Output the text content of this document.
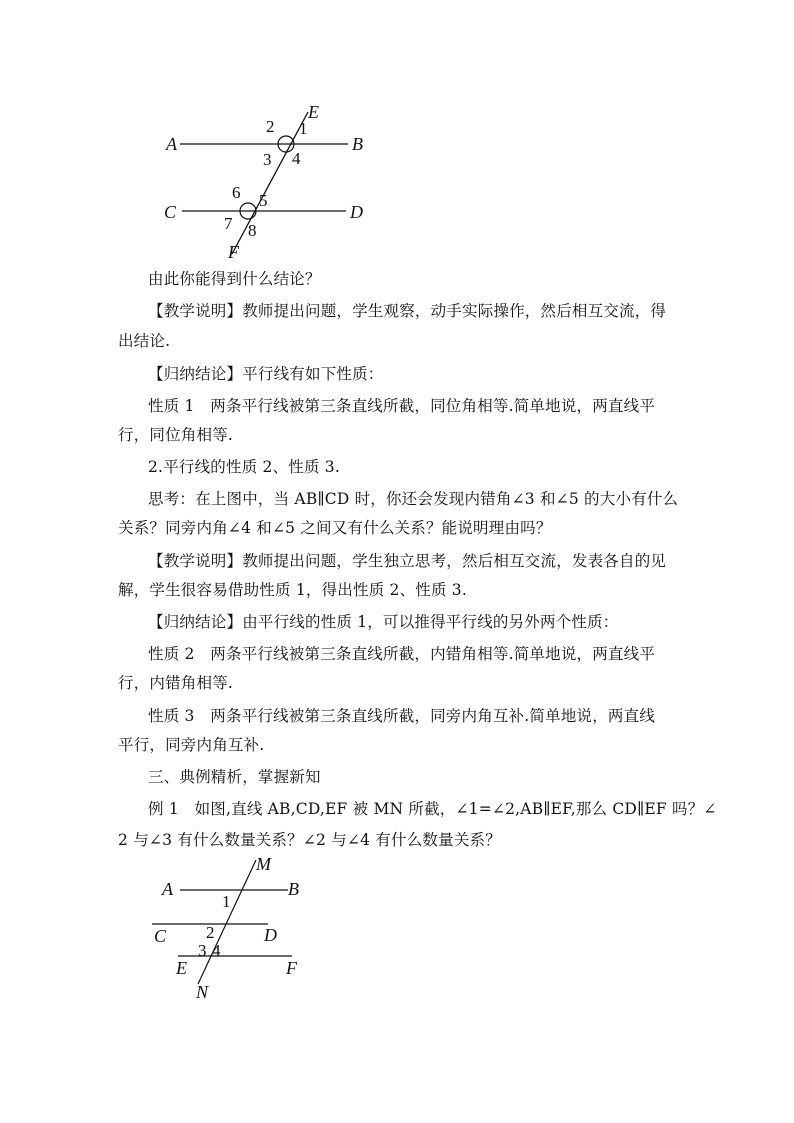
A	B
C	D
E
F
1
2
3 4
5
6
7 8
由此你能得到什么结论？
【教学说明】教师提出问题，学生观察，动手实际操作，然后相互交流，得
出结论.
【归纳结论】平行线有如下性质：
性质 1　两条平行线被第三条直线所截，同位角相等.简单地说，两直线平
行，同位角相等.
2.平行线的性质 2、性质 3.
思考：在上图中，当 AB∥CD 时，你还会发现内错角∠3 和∠5 的大小有什么
关系？同旁内角∠4 和∠5 之间又有什么关系？能说明理由吗？
【教学说明】教师提出问题，学生独立思考，然后相互交流，发表各自的见
解，学生很容易借助性质 1，得出性质 2、性质 3.
【归纳结论】由平行线的性质 1，可以推得平行线的另外两个性质：
性质 2　两条平行线被第三条直线所截，内错角相等.简单地说，两直线平
行，内错角相等.
性质 3　两条平行线被第三条直线所截，同旁内角互补.简单地说，两直线
平行，同旁内角互补.
三、典例精析，掌握新知
例 1　如图,直线 AB,CD,EF 被 MN 所截，∠1=∠2,AB∥EF,那么 CD∥EF 吗？∠
2 与∠3 有什么数量关系？∠2 与∠4 有什么数量关系？
M
A	B
C	D
E	F
N
1
2
3 4
